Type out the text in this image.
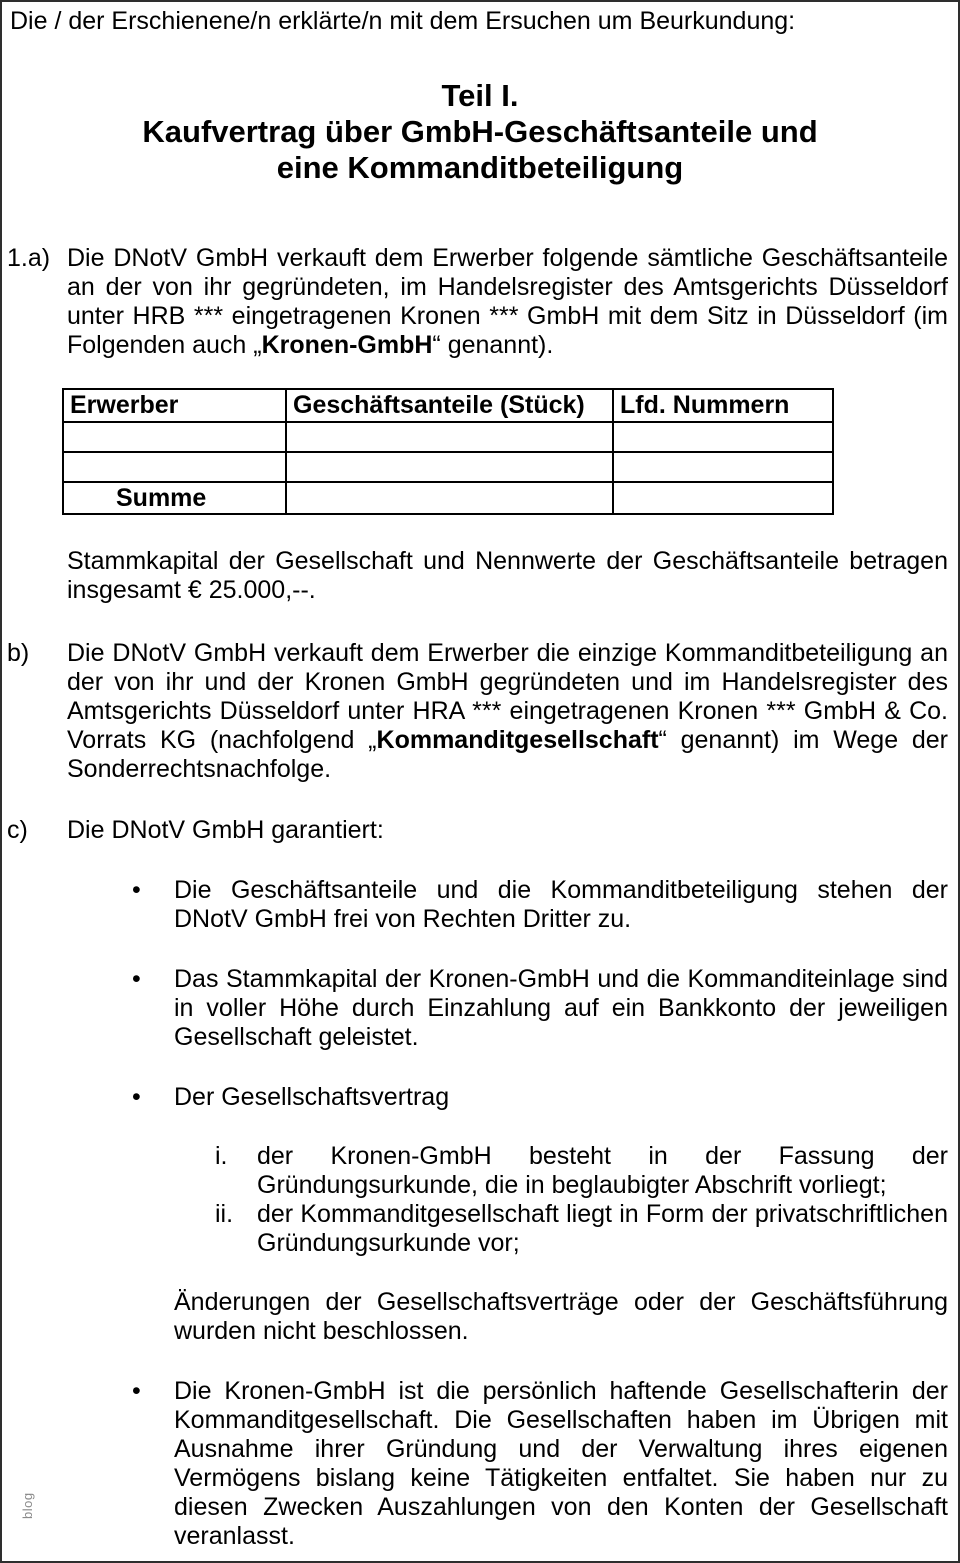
Die / der Erschienene/n erklärte/n mit dem Ersuchen um Beurkundung:
Teil I.
Kaufvertrag über GmbH-Geschäftsanteile und
eine Kommanditbeteiligung
1.a) Die DNotV GmbH verkauft dem Erwerber folgende sämtliche Geschäftsanteile an der von ihr gegründeten, im Handelsregister des Amtsgerichts Düsseldorf unter HRB *** eingetragenen Kronen *** GmbH mit dem Sitz in Düsseldorf (im Folgenden auch „Kronen-GmbH“ genannt).
Erwerber	Geschäftsanteile (Stück)	Lfd. Nummern

Summe		
Stammkapital der Gesellschaft und Nennwerte der Geschäftsanteile betragen insgesamt € 25.000,--.
b) Die DNotV GmbH verkauft dem Erwerber die einzige Kommanditbeteiligung an der von ihr und der Kronen GmbH gegründeten und im Handelsregister des Amtsgerichts Düsseldorf unter HRA *** eingetragenen Kronen *** GmbH & Co. Vorrats KG (nachfolgend „Kommanditgesellschaft“ genannt) im Wege der Sonderrechtsnachfolge.
c) Die DNotV GmbH garantiert:
• Die Geschäftsanteile und die Kommanditbeteiligung stehen der DNotV GmbH frei von Rechten Dritter zu.
• Das Stammkapital der Kronen-GmbH und die Kommanditeinlage sind in voller Höhe durch Einzahlung auf ein Bankkonto der jeweiligen Gesellschaft geleistet.
• Der Gesellschaftsvertrag
i. der Kronen-GmbH besteht in der Fassung der Gründungsurkunde, die in beglaubigter Abschrift vorliegt;
ii. der Kommanditgesellschaft liegt in Form der privatschriftlichen Gründungsurkunde vor;
Änderungen der Gesellschaftsverträge oder der Geschäftsführung wurden nicht beschlossen.
• Die Kronen-GmbH ist die persönlich haftende Gesellschafterin der Kommanditgesellschaft. Die Gesellschaften haben im Übrigen mit Ausnahme ihrer Gründung und der Verwaltung ihres eigenen Vermögens bislang keine Tätigkeiten entfaltet. Sie haben nur zu diesen Zwecken Auszahlungen von den Konten der Gesellschaft veranlasst.
blog
